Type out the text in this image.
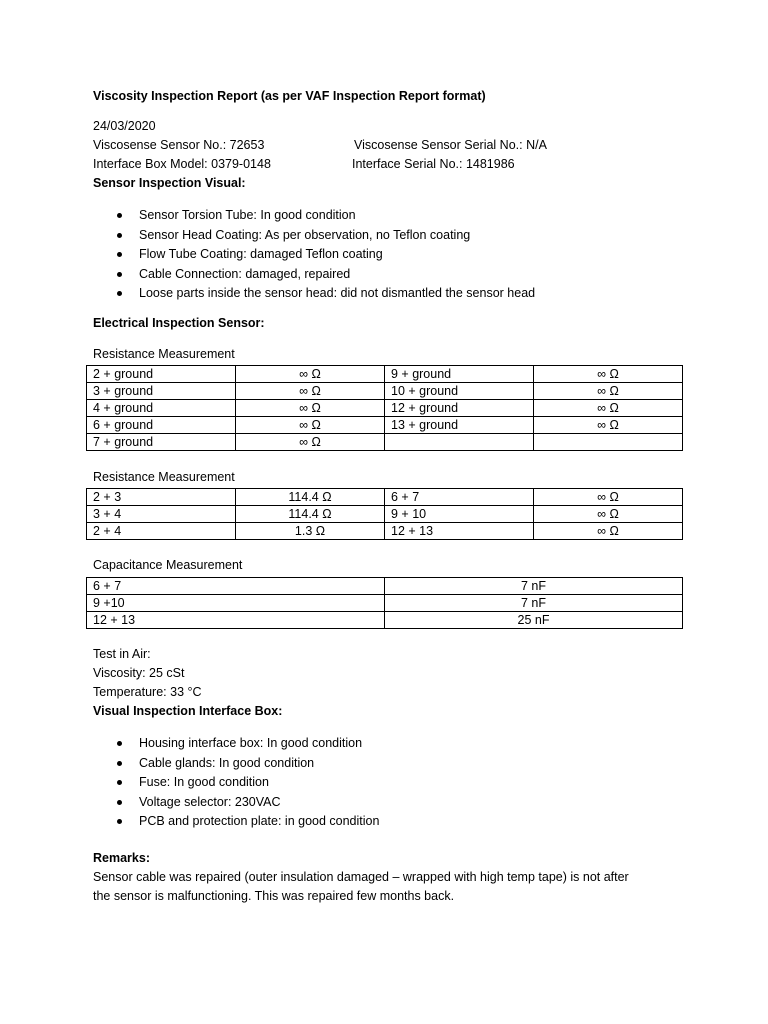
Viscosity Inspection Report (as per VAF Inspection Report format)
24/03/2020
Viscosense Sensor No.: 72653	Viscosense Sensor Serial No.: N/A
Interface Box Model: 0379-0148	Interface Serial No.: 1481986
Sensor Inspection Visual:
Sensor Torsion Tube: In good condition
Sensor Head Coating: As per observation, no Teflon coating
Flow Tube Coating: damaged Teflon coating
Cable Connection: damaged, repaired
Loose parts inside the sensor head: did not dismantled the sensor head
Electrical Inspection Sensor:
Resistance Measurement
2 + ground	∞ Ω	9 + ground	∞ Ω
3 + ground	∞ Ω	10 + ground	∞ Ω
4 + ground	∞ Ω	12 + ground	∞ Ω
6 + ground	∞ Ω	13 + ground	∞ Ω
7 + ground	∞ Ω		
Resistance Measurement
2 + 3	114.4 Ω	6 + 7	∞ Ω
3 + 4	114.4 Ω	9 + 10	∞ Ω
2 + 4	1.3 Ω	12 + 13	∞ Ω
Capacitance Measurement
6 + 7	7 nF
9 +10	7 nF
12 + 13	25 nF
Test in Air:
Viscosity: 25 cSt
Temperature: 33 °C
Visual Inspection Interface Box:
Housing interface box: In good condition
Cable glands: In good condition
Fuse: In good condition
Voltage selector: 230VAC
PCB and protection plate: in good condition
Remarks:
Sensor cable was repaired (outer insulation damaged – wrapped with high temp tape) is not after
the sensor is malfunctioning. This was repaired few months back.
